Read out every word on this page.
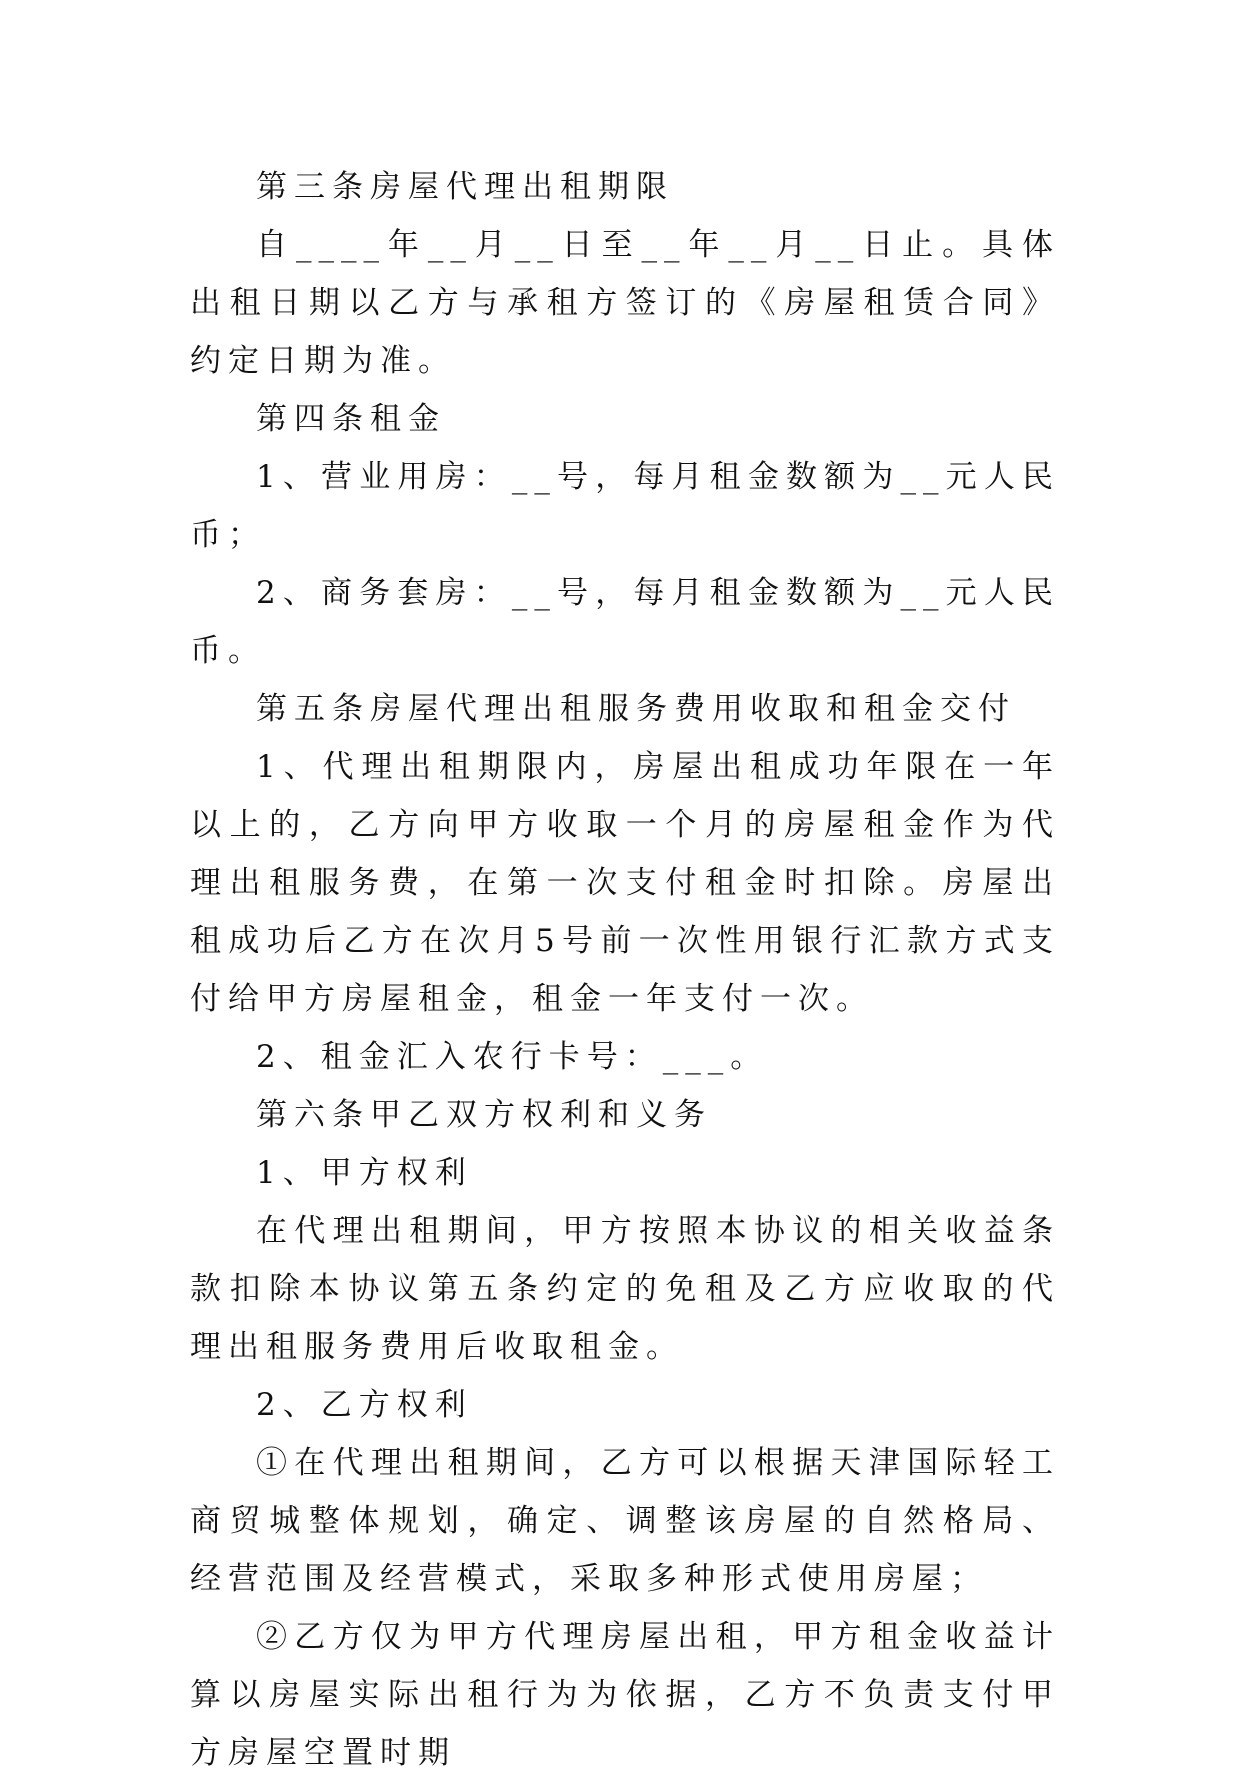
第三条房屋代理出租期限

自____年__月__日至__年__月__日止。具体出租日期以乙方与承租方签订的《房屋租赁合同》约定日期为准。

第四条租金

1、营业用房：__号，每月租金数额为__元人民币；

2、商务套房：__号，每月租金数额为__元人民币。

第五条房屋代理出租服务费用收取和租金交付

1、代理出租期限内，房屋出租成功年限在一年以上的，乙方向甲方收取一个月的房屋租金作为代理出租服务费，在第一次支付租金时扣除。房屋出租成功后乙方在次月5号前一次性用银行汇款方式支付给甲方房屋租金，租金一年支付一次。

2、租金汇入农行卡号：___。

第六条甲乙双方权利和义务

1、甲方权利

在代理出租期间，甲方按照本协议的相关收益条款扣除本协议第五条约定的免租及乙方应收取的代理出租服务费用后收取租金。

2、乙方权利

①在代理出租期间，乙方可以根据天津国际轻工商贸城整体规划，确定、调整该房屋的自然格局、经营范围及经营模式，采取多种形式使用房屋；

②乙方仅为甲方代理房屋出租，甲方租金收益计算以房屋实际出租行为为依据，乙方不负责支付甲方房屋空置时期
